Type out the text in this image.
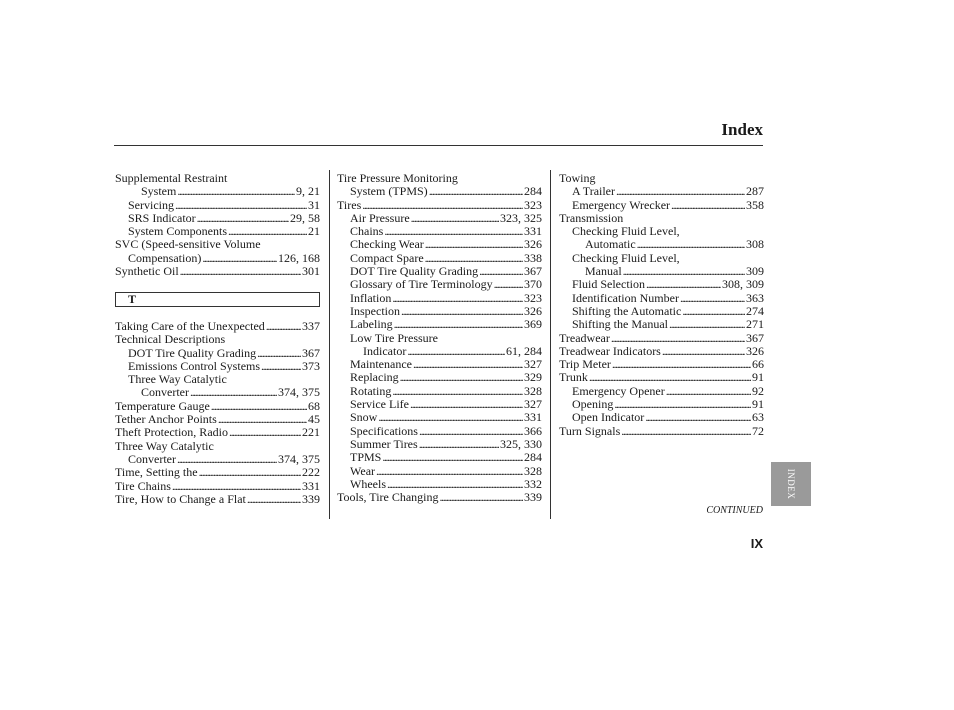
Index
Supplemental Restraint
System . . .	9, 21
Servicing . . .	31
SRS Indicator . . .	29, 58
System Components . . .	21
SVC (Speed-sensitive Volume
Compensation) . . .	126, 168
Synthetic Oil . . .	301
T
Taking Care of the Unexpected . . .	337
Technical Descriptions
DOT Tire Quality Grading . . .	367
Emissions Control Systems . . .	373
Three Way Catalytic
Converter . . .	374, 375
Temperature Gauge . . .	68
Tether Anchor Points . . .	45
Theft Protection, Radio . . .	221
Three Way Catalytic
Converter . . .	374, 375
Time, Setting the . . .	222
Tire Chains . . .	331
Tire, How to Change a Flat . . .	339
Tire Pressure Monitoring
System (TPMS) . . .	284
Tires . . .	323
Air Pressure . . .	323, 325
Chains . . .	331
Checking Wear . . .	326
Compact Spare . . .	338
DOT Tire Quality Grading . . .	367
Glossary of Tire Terminology . . .	370
Inflation . . .	323
Inspection . . .	326
Labeling . . .	369
Low Tire Pressure
Indicator . . .	61, 284
Maintenance . . .	327
Replacing . . .	329
Rotating . . .	328
Service Life . . .	327
Snow . . .	331
Specifications . . .	366
Summer Tires . . .	325, 330
TPMS . . .	284
Wear . . .	328
Wheels . . .	332
Tools, Tire Changing . . .	339
Towing
A Trailer . . .	287
Emergency Wrecker . . .	358
Transmission
Checking Fluid Level,
Automatic . . .	308
Checking Fluid Level,
Manual . . .	309
Fluid Selection . . .	308, 309
Identification Number . . .	363
Shifting the Automatic . . .	274
Shifting the Manual . . .	271
Treadwear . . .	367
Treadwear Indicators . . .	326
Trip Meter . . .	66
Trunk . . .	91
Emergency Opener . . .	92
Opening . . .	91
Open Indicator . . .	63
Turn Signals . . .	72
CONTINUED
IX
INDEX
